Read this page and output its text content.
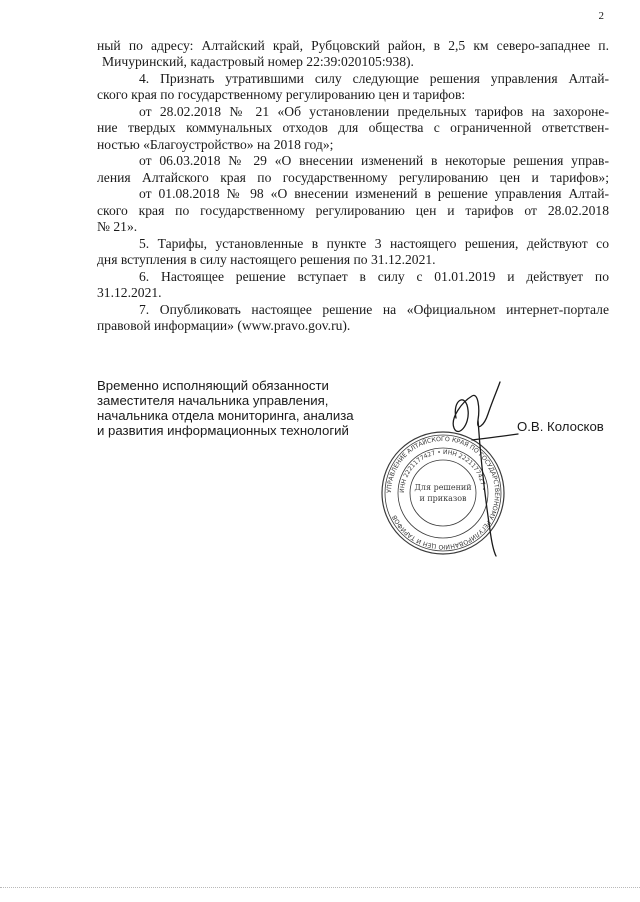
2
ный по адресу: Алтайский край, Рубцовский район, в 2,5 км северо-западнее п.
Мичуринский, кадастровый номер 22:39:020105:938).
4. Признать утратившими силу следующие решения управления Алтай-
ского края по государственному регулированию цен и тарифов:
от 28.02.2018 № 21 «Об установлении предельных тарифов на захороне-
ние твердых коммунальных отходов для общества с ограниченной ответствен-
ностью «Благоустройство» на 2018 год»;
от 06.03.2018 № 29 «О внесении изменений в некоторые решения управ-
ления Алтайского края по государственному регулированию цен и тарифов»;
от 01.08.2018 № 98 «О внесении изменений в решение управления Алтай-
ского края по государственному регулированию цен и тарифов от 28.02.2018
№ 21».
5. Тарифы, установленные в пункте 3 настоящего решения, действуют со
дня вступления в силу настоящего решения по 31.12.2021.
6. Настоящее решение вступает в силу с 01.01.2019 и действует по
31.12.2021.
7. Опубликовать настоящее решение на «Официальном интернет-портале
правовой информации» (www.pravo.gov.ru).
Временно исполняющий обязанности
заместителя начальника управления,
начальника отдела мониторинга, анализа
и развития информационных технологий
УПРАВЛЕНИЕ АЛТАЙСКОГО КРАЯ ПО ГОСУДАРСТВЕННОМУ РЕГУЛИРОВАНИЮ ЦЕН И ТАРИФОВ
ИНН 2221177427 • ИНН 2221177427 •
Для решений
и приказов
О.В. Колосков
